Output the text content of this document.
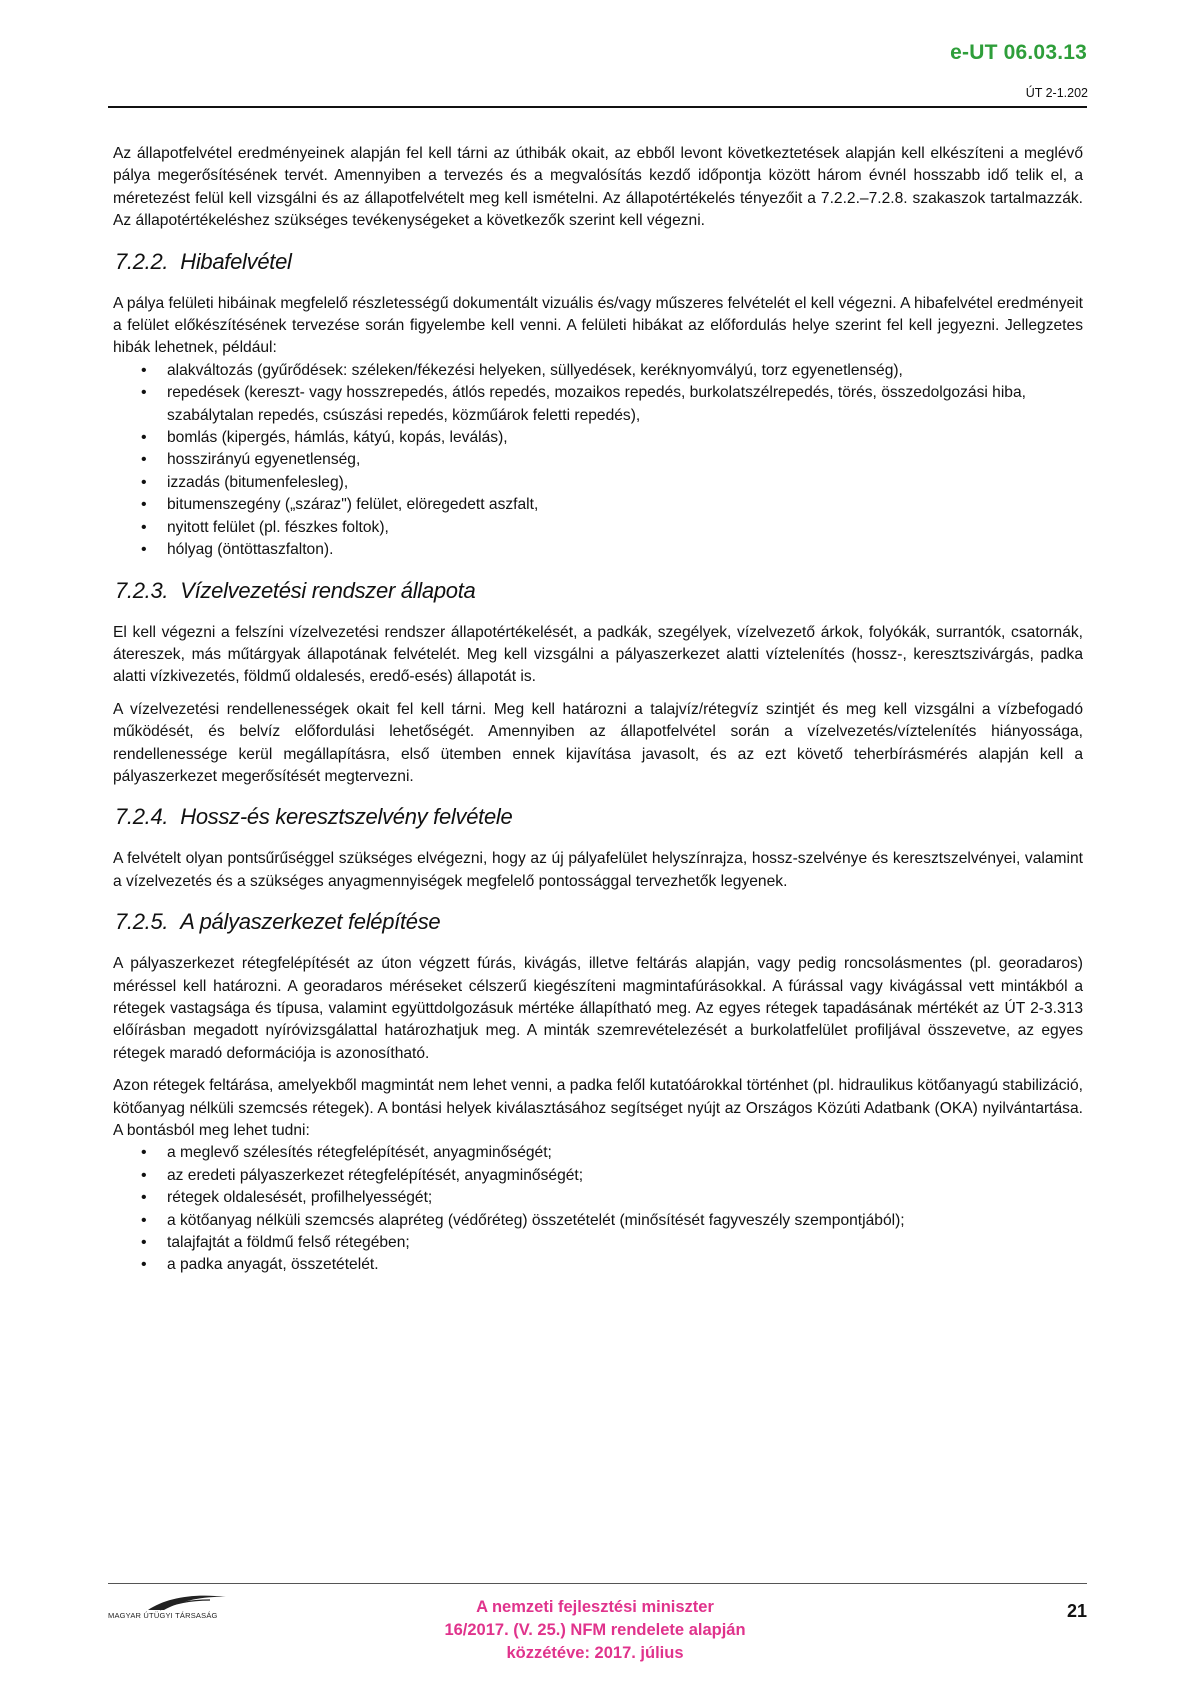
e-UT 06.03.13
ÚT 2-1.202

Az állapotfelvétel eredményeinek alapján fel kell tárni az úthibák okait, az ebből levont következtetések alapján kell elkészíteni a meglévő pálya megerősítésének tervét. Amennyiben a tervezés és a megvalósítás kezdő időpontja között három évnél hosszabb idő telik el, a méretezést felül kell vizsgálni és az állapotfelvételt meg kell ismételni. Az állapotértékelés tényezőit a 7.2.2.–7.2.8. szakaszok tartalmazzák. Az állapotértékeléshez szükséges tevékenységeket a következők szerint kell végezni.

7.2.2. Hibafelvétel

A pálya felületi hibáinak megfelelő részletességű dokumentált vizuális és/vagy műszeres felvételét el kell végezni. A hibafelvétel eredményeit a felület előkészítésének tervezése során figyelembe kell venni. A felületi hibákat az előfordulás helye szerint fel kell jegyezni. Jellegzetes hibák lehetnek, például:

• alakváltozás (gyűrődések: széleken/fékezési helyeken, süllyedések, keréknyomvályú, torz egyenetlenség),
• repedések (kereszt- vagy hosszrepedés, átlós repedés, mozaikos repedés, burkolatszélrepedés, törés, összedolgozási hiba, szabálytalan repedés, csúszási repedés, közműárok feletti repedés),
• bomlás (kipergés, hámlás, kátyú, kopás, leválás),
• hosszirányú egyenetlenség,
• izzadás (bitumenfelesleg),
• bitumenszegény („száraz") felület, elöregedett aszfalt,
• nyitott felület (pl. fészkes foltok),
• hólyag (öntöttaszfalton).
7.2.3. Vízelvezetési rendszer állapota

El kell végezni a felszíni vízelvezetési rendszer állapotértékelését, a padkák, szegélyek, vízelvezető árkok, folyókák, surrantók, csatornák, átereszek, más műtárgyak állapotának felvételét. Meg kell vizsgálni a pályaszerkezet alatti víztelenítés (hossz-, keresztszivárgás, padka alatti vízkivezetés, földmű oldalesés, eredő-esés) állapotát is.

A vízelvezetési rendellenességek okait fel kell tárni. Meg kell határozni a talajvíz/rétegvíz szintjét és meg kell vizsgálni a vízbefogadó működését, és belvíz előfordulási lehetőségét. Amennyiben az állapotfelvétel során a vízelvezetés/víztelenítés hiányossága, rendellenessége kerül megállapításra, első ütemben ennek kijavítása javasolt, és az ezt követő teherbírásmérés alapján kell a pályaszerkezet megerősítését megtervezni.

7.2.4. Hossz-és keresztszelvény felvétele

A felvételt olyan pontsűrűséggel szükséges elvégezni, hogy az új pályafelület helyszínrajza, hossz-szelvénye és keresztszelvényei, valamint a vízelvezetés és a szükséges anyagmennyiségek megfelelő pontossággal tervezhetők legyenek.

7.2.5. A pályaszerkezet felépítése

A pályaszerkezet rétegfelépítését az úton végzett fúrás, kivágás, illetve feltárás alapján, vagy pedig roncsolásmentes (pl. georadaros) méréssel kell határozni. A georadaros méréseket célszerű kiegészíteni magmintafúrásokkal. A fúrással vagy kivágással vett mintákból a rétegek vastagsága és típusa, valamint együttdolgozásuk mértéke állapítható meg. Az egyes rétegek tapadásának mértékét az ÚT 2-3.313 előírásban megadott nyíróvizsgálattal határozhatjuk meg. A minták szemrevételezését a burkolatfelület profiljával összevetve, az egyes rétegek maradó deformációja is azonosítható.

Azon rétegek feltárása, amelyekből magmintát nem lehet venni, a padka felől kutatóárokkal történhet (pl. hidraulikus kötőanyagú stabilizáció, kötőanyag nélküli szemcsés rétegek). A bontási helyek kiválasztásához segítséget nyújt az Országos Közúti Adatbank (OKA) nyilvántartása. A bontásból meg lehet tudni:

• a meglevő szélesítés rétegfelépítését, anyagminőségét;
• az eredeti pályaszerkezet rétegfelépítését, anyagminőségét;
• rétegek oldalesését, profilhelyességét;
• a kötőanyag nélküli szemcsés alapréteg (védőréteg) összetételét (minősítését fagyveszély szempontjából);
• talajfajtát a földmű felső rétegében;
• a padka anyagát, összetételét.
MAGYAR ÚTÜGYI TÁRSASÁG	A nemzeti fejlesztési miniszter
16/2017. (V. 25.) NFM rendelete alapján
közzétéve: 2017. július
21
